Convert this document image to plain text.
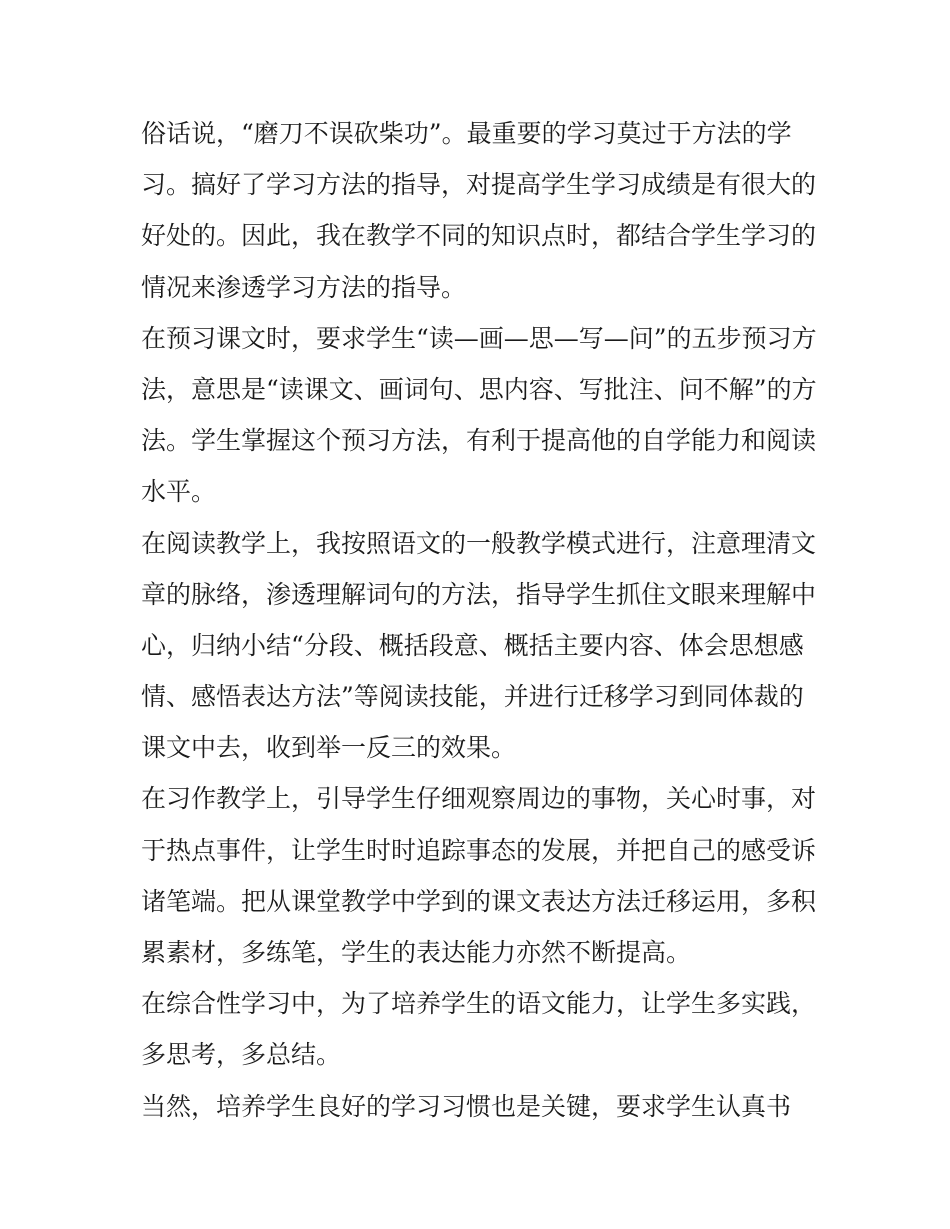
俗话说，“磨刀不误砍柴功”。最重要的学习莫过于方法的学
习。搞好了学习方法的指导，对提高学生学习成绩是有很大的
好处的。因此，我在教学不同的知识点时，都结合学生学习的
情况来渗透学习方法的指导。
在预习课文时，要求学生“读—画—思—写—问”的五步预习方
法，意思是“读课文、画词句、思内容、写批注、问不解”的方
法。学生掌握这个预习方法，有利于提高他的自学能力和阅读
水平。
在阅读教学上，我按照语文的一般教学模式进行，注意理清文
章的脉络，渗透理解词句的方法，指导学生抓住文眼来理解中
心，归纳小结“分段、概括段意、概括主要内容、体会思想感
情、感悟表达方法”等阅读技能，并进行迁移学习到同体裁的
课文中去，收到举一反三的效果。
在习作教学上，引导学生仔细观察周边的事物，关心时事，对
于热点事件，让学生时时追踪事态的发展，并把自己的感受诉
诸笔端。把从课堂教学中学到的课文表达方法迁移运用，多积
累素材，多练笔，学生的表达能力亦然不断提高。
在综合性学习中，为了培养学生的语文能力，让学生多实践，
多思考，多总结。
当然，培养学生良好的学习习惯也是关键，要求学生认真书
